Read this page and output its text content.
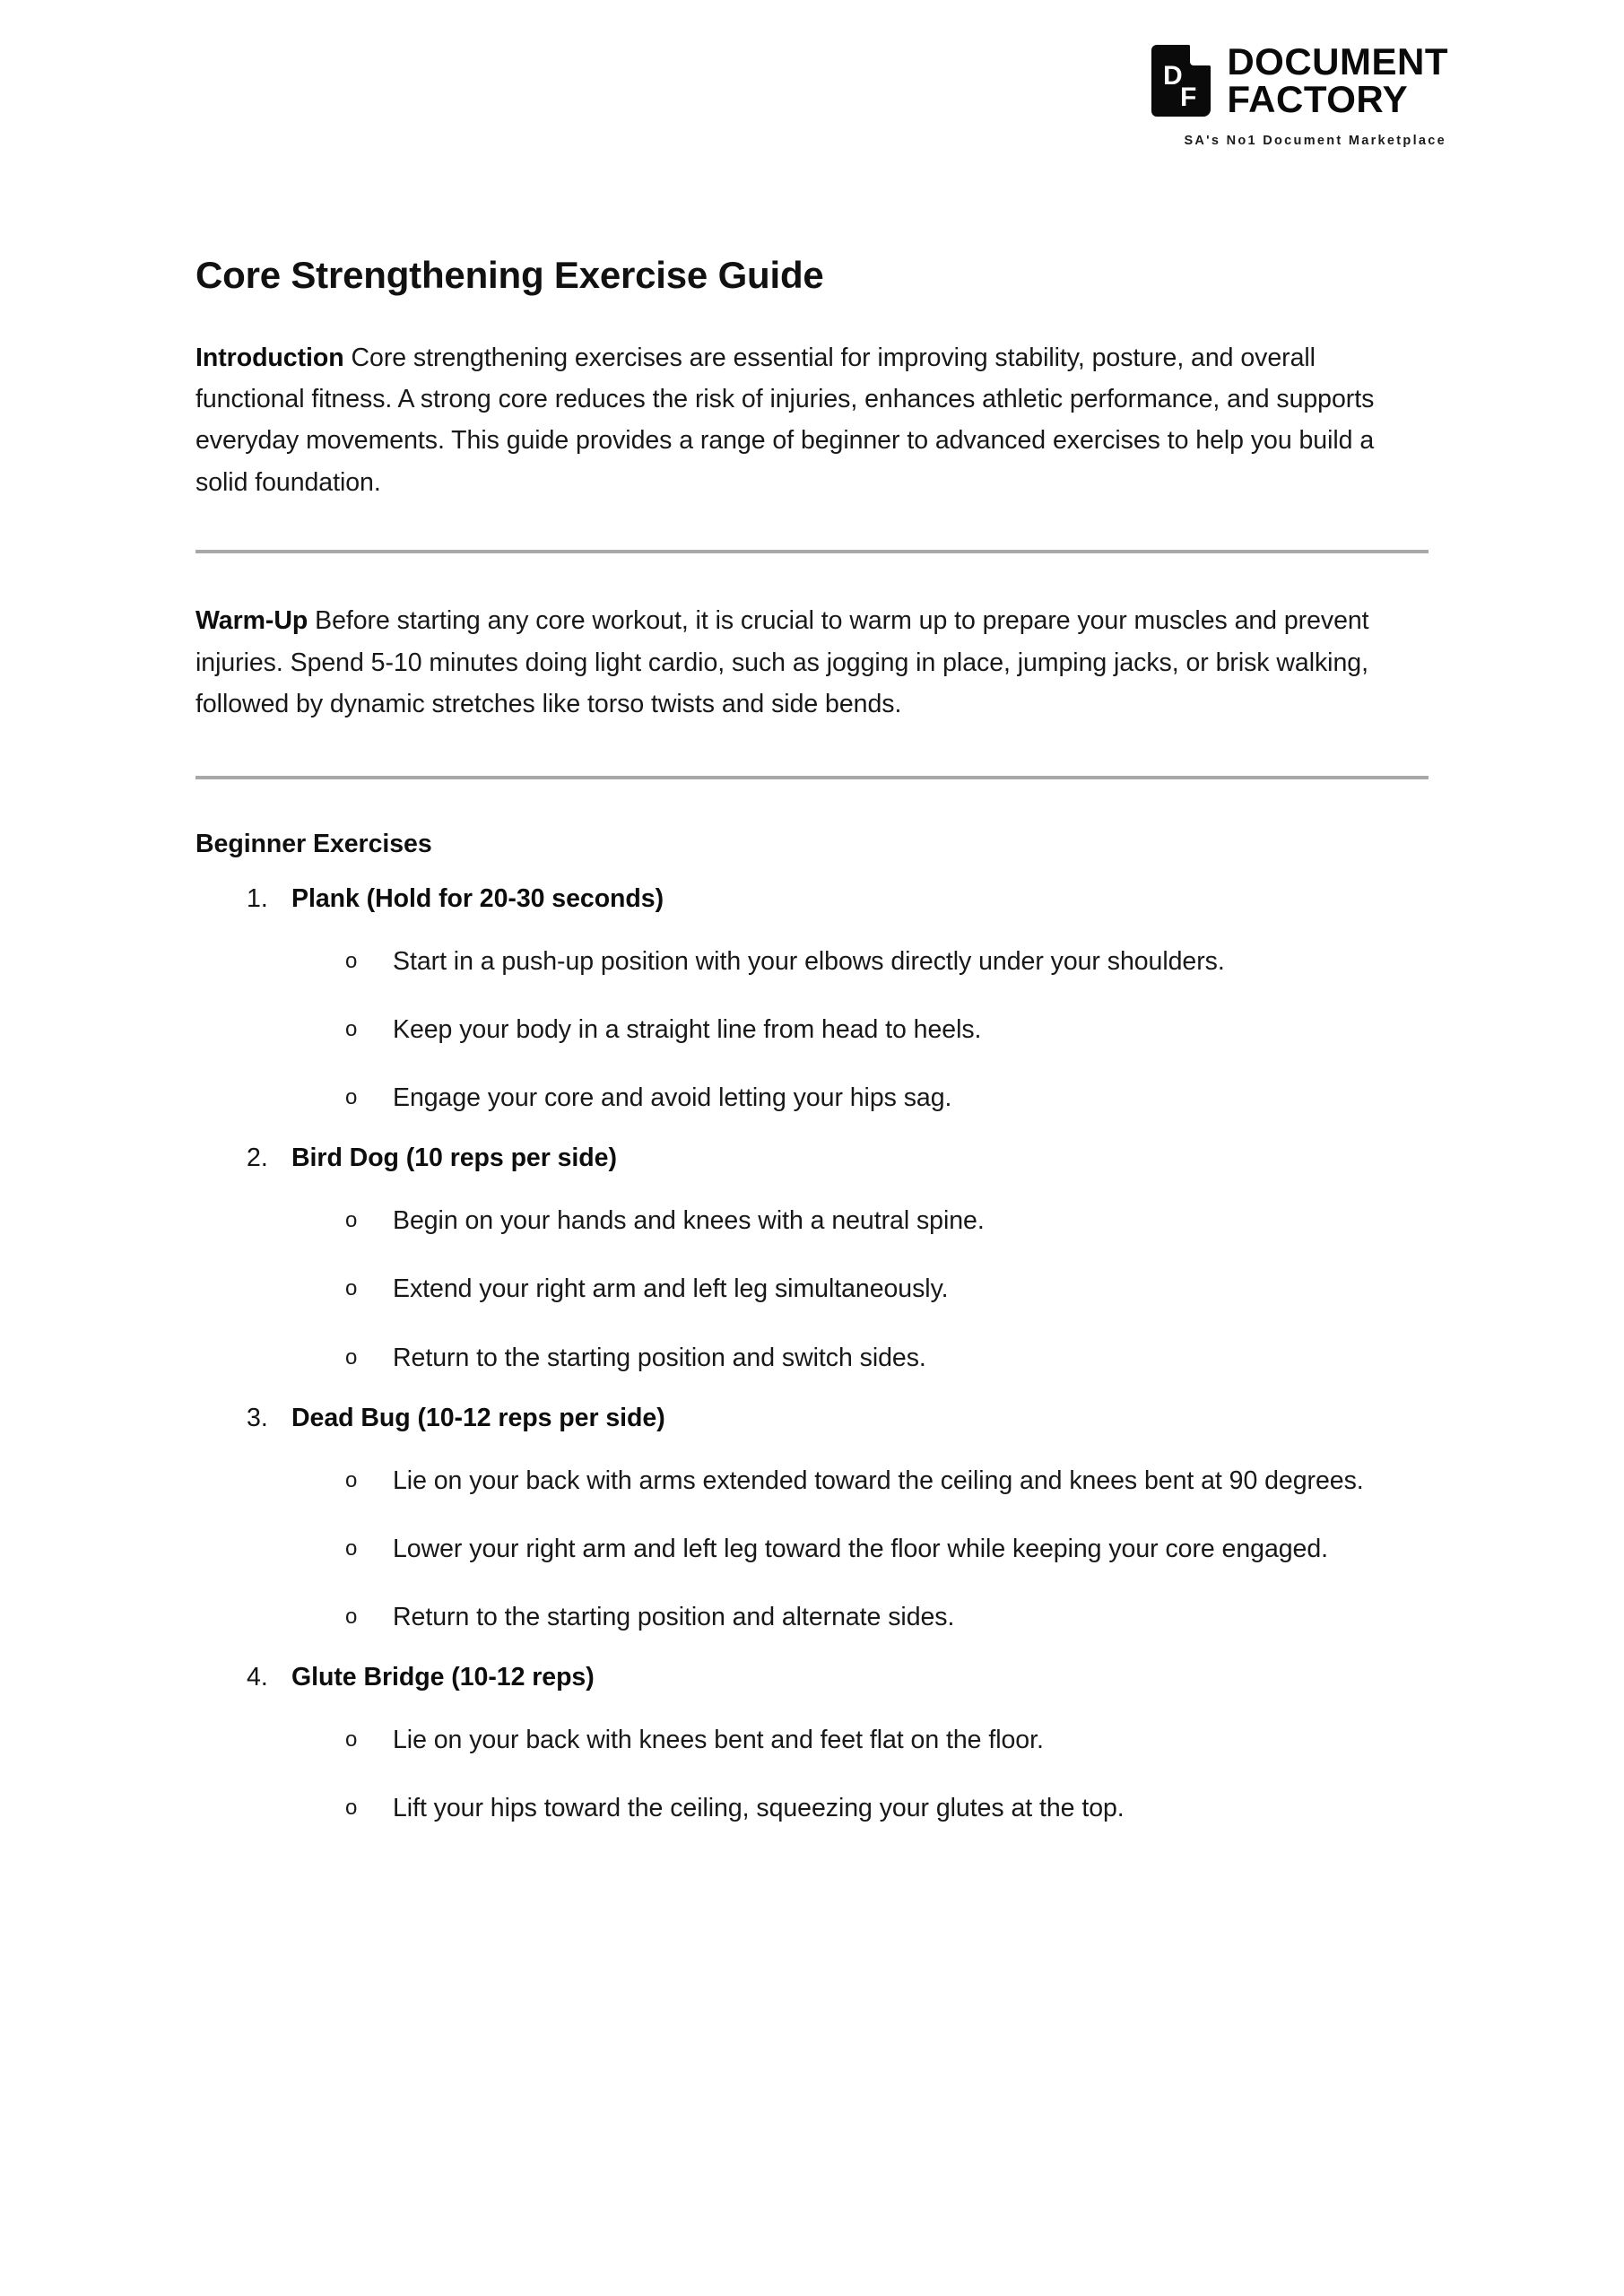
D
F
DOCUMENT
FACTORY
SA's No1 Document Marketplace
Core Strengthening Exercise Guide

Introduction Core strengthening exercises are essential for improving stability, posture, and overall functional fitness. A strong core reduces the risk of injuries, enhances athletic performance, and supports everyday movements. This guide provides a range of beginner to advanced exercises to help you build a solid foundation.

Warm-Up Before starting any core workout, it is crucial to warm up to prepare your muscles and prevent injuries. Spend 5-10 minutes doing light cardio, such as jogging in place, jumping jacks, or brisk walking, followed by dynamic stretches like torso twists and side bends.

Beginner Exercises
1. Plank (Hold for 20-30 seconds)
o	Start in a push-up position with your elbows directly under your shoulders.
o	Keep your body in a straight line from head to heels.
o	Engage your core and avoid letting your hips sag.
2. Bird Dog (10 reps per side)
o	Begin on your hands and knees with a neutral spine.
o	Extend your right arm and left leg simultaneously.
o	Return to the starting position and switch sides.
3. Dead Bug (10-12 reps per side)
o	Lie on your back with arms extended toward the ceiling and knees bent at 90 degrees.
o	Lower your right arm and left leg toward the floor while keeping your core engaged.
o	Return to the starting position and alternate sides.
4. Glute Bridge (10-12 reps)
o	Lie on your back with knees bent and feet flat on the floor.
o	Lift your hips toward the ceiling, squeezing your glutes at the top.
